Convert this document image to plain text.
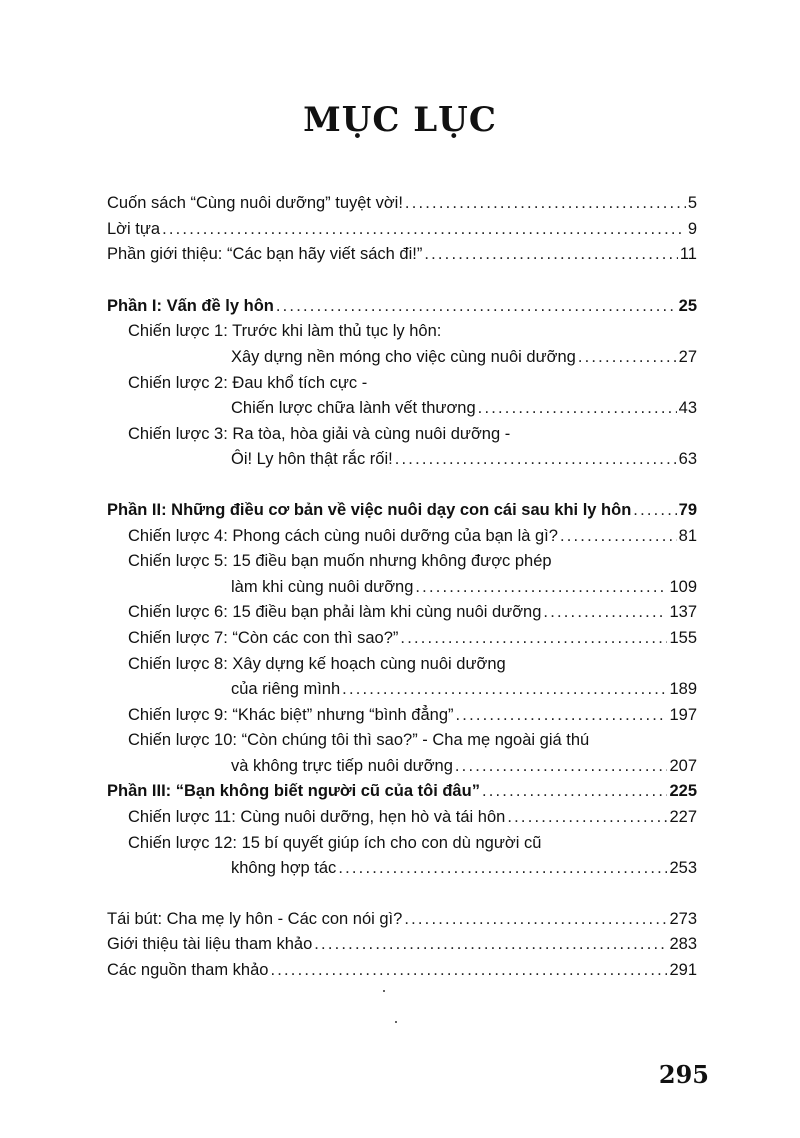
MỤC LỤC
Cuốn sách “Cùng nuôi dưỡng” tuyệt vời! .....	5
Lời tựa .....	9
Phần giới thiệu: “Các bạn hãy viết sách đi!” .....	11
Phần I: Vấn đề ly hôn .....	25
Chiến lược 1: Trước khi làm thủ tục ly hôn:
Xây dựng nền móng cho việc cùng nuôi dưỡng .....	27
Chiến lược 2: Đau khổ tích cực -
Chiến lược chữa lành vết thương .....	43
Chiến lược 3: Ra tòa, hòa giải và cùng nuôi dưỡng -
Ôi! Ly hôn thật rắc rối! .....	63
Phần II: Những điều cơ bản về việc nuôi dạy con cái sau khi ly hôn .....	79
Chiến lược 4: Phong cách cùng nuôi dưỡng của bạn là gì? .....	81
Chiến lược 5: 15 điều bạn muốn nhưng không được phép
làm khi cùng nuôi dưỡng .....	109
Chiến lược 6: 15 điều bạn phải làm khi cùng nuôi dưỡng .....	137
Chiến lược 7: “Còn các con thì sao?” .....	155
Chiến lược 8: Xây dựng kế hoạch cùng nuôi dưỡng
của riêng mình .....	189
Chiến lược 9: “Khác biệt” nhưng “bình đẳng” .....	197
Chiến lược 10: “Còn chúng tôi thì sao?” - Cha mẹ ngoài giá thú
và không trực tiếp nuôi dưỡng .....	207
Phần III: “Bạn không biết người cũ của tôi đâu” .....	225
Chiến lược 11: Cùng nuôi dưỡng, hẹn hò và tái hôn .....	227
Chiến lược 12: 15 bí quyết giúp ích cho con dù người cũ
không hợp tác .....	253
Tái bút: Cha mẹ ly hôn - Các con nói gì? .....	273
Giới thiệu tài liệu tham khảo .....	283
Các nguồn tham khảo .....	291
295
